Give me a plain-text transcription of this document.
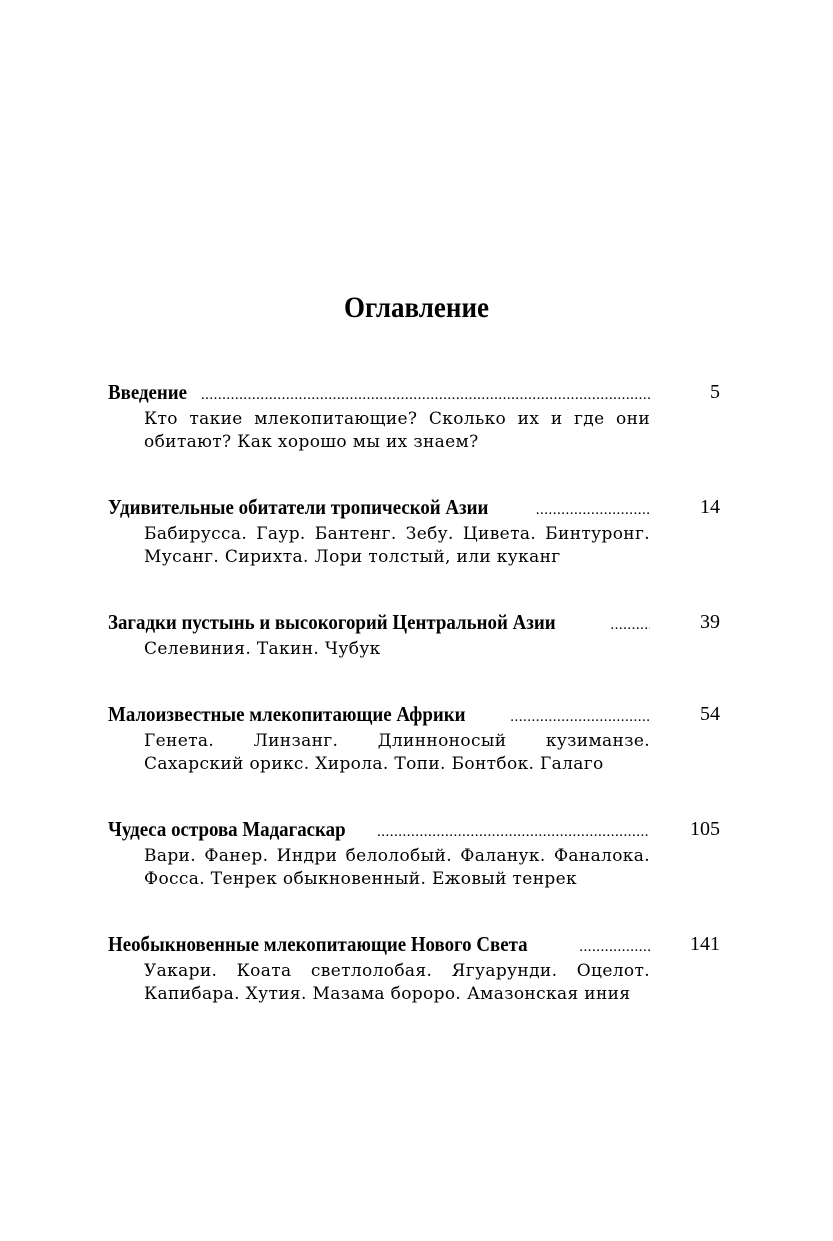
Оглавление
Введение .....	5
Кто такие млекопитающие? Сколько их и где они обитают? Как хорошо мы их знаем?
Удивительные обитатели тропической Азии .....	14
Бабирусса. Гаур. Бантенг. Зебу. Цивета. Бинтуронг. Мусанг. Сирихта. Лори толстый, или куканг
Загадки пустынь и высокогорий Центральной Азии .....	39
Селевиния. Такин. Чубук
Малоизвестные млекопитающие Африки .....	54
Генета. Линзанг. Длинноносый кузиманзе. Сахарский орикс. Хирола. Топи. Бонтбок. Галаго
Чудеса острова Мадагаскар .....	105
Вари. Фанер. Индри белолобый. Фаланук. Фаналока. Фосса. Тенрек обыкновенный. Ежовый тенрек
Необыкновенные млекопитающие Нового Света .....	141
Уакари. Коата светлолобая. Ягуарунди. Оцелот. Капибара. Хутия. Мазама бороро. Амазонская иния
